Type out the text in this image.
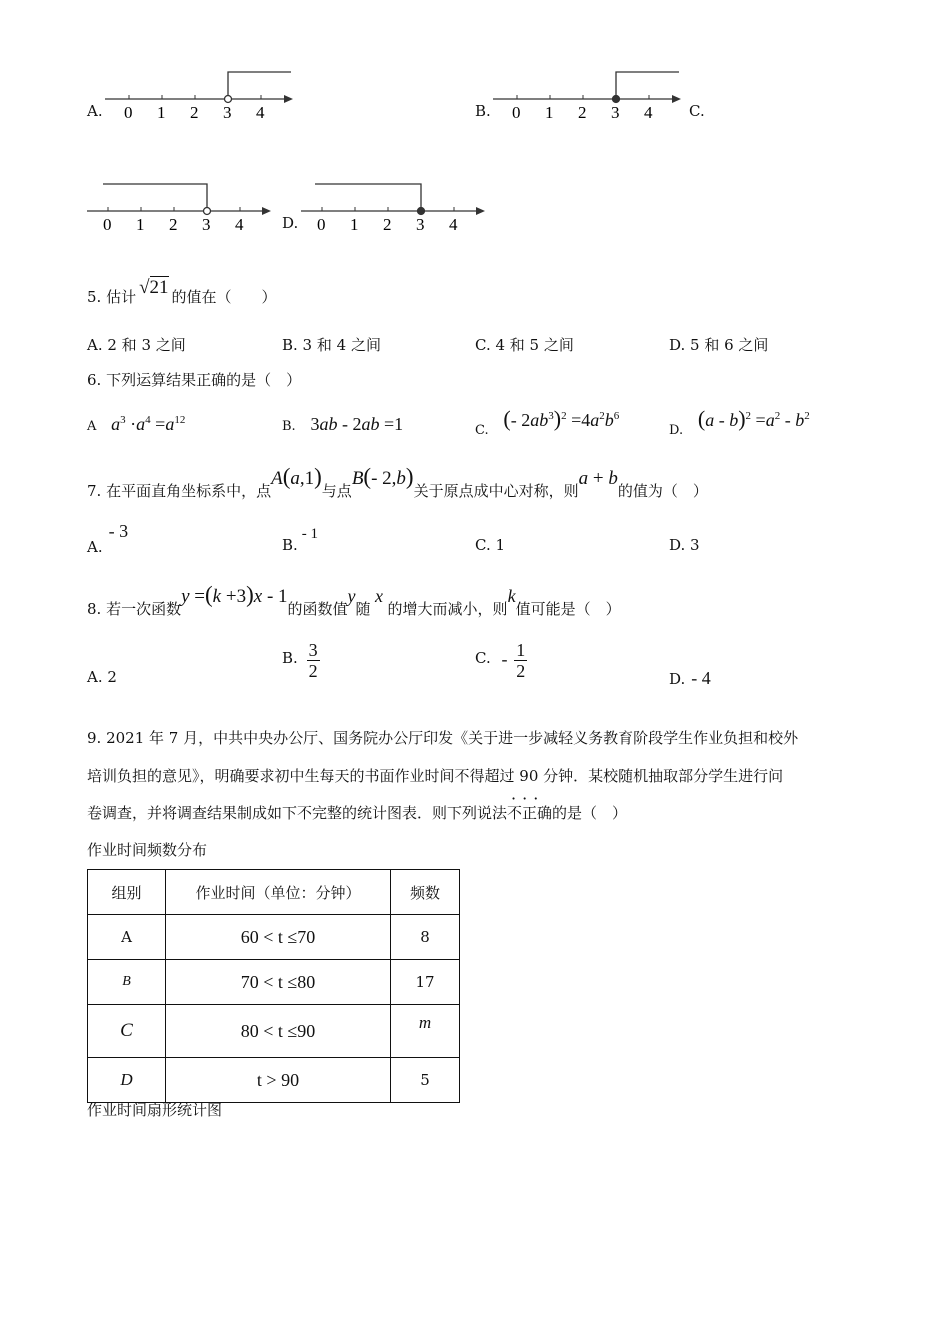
A. 0 1 2 3 4	B. 0 1 2 3 4 C.
0 1 2 3 4	D. 0 1 2 3 4
5. 估计 √21 的值在（　　）
A. 2 和 3 之间	B. 3 和 4 之间	C. 4 和 5 之间	D. 5 和 6 之间
6. 下列运算结果正确的是（　）
A $a^3 \cdot a^4 =a^{12}$	B. 3ab - 2ab =1	C. (- $2ab^3)^2 =4a^2b^6$
D. $(a - b)^2 =a^2 - b^2$
7. 在平面直角坐标系中，点A(a,1)与点B(- 2,b)关于原点成中心对称，则a + b的值为（　）
A.- 3
B.- 1
C. 1	D. 3
8. 若一次函数y =(k +3)x - 1的函数值y随 x 的增大而减小，则k值可能是（　）
A. 2
B. $\frac{3}{2}$	C. - $\frac{1}{2}$	D. - 4
9. 2021 年 7 月，中共中央办公厅、国务院办公厅印发《关于进一步减轻义务教育阶段学生作业负担和校外
培训负担的意见》，明确要求初中生每天的书面作业时间不得超过 90 分钟．某校随机抽取部分学生进行问
卷调查，并将调查结果制成如下不完整的统计图表．则下列说法
···
不正确的是（　）
作业时间频数分布
组别	作业时间（单位：分钟）	频数
A	60 < t ≤70	8
B	70 < t ≤80	17
C	80 < t ≤90	m
D	t > 90	5
作业时间扇形统计图
